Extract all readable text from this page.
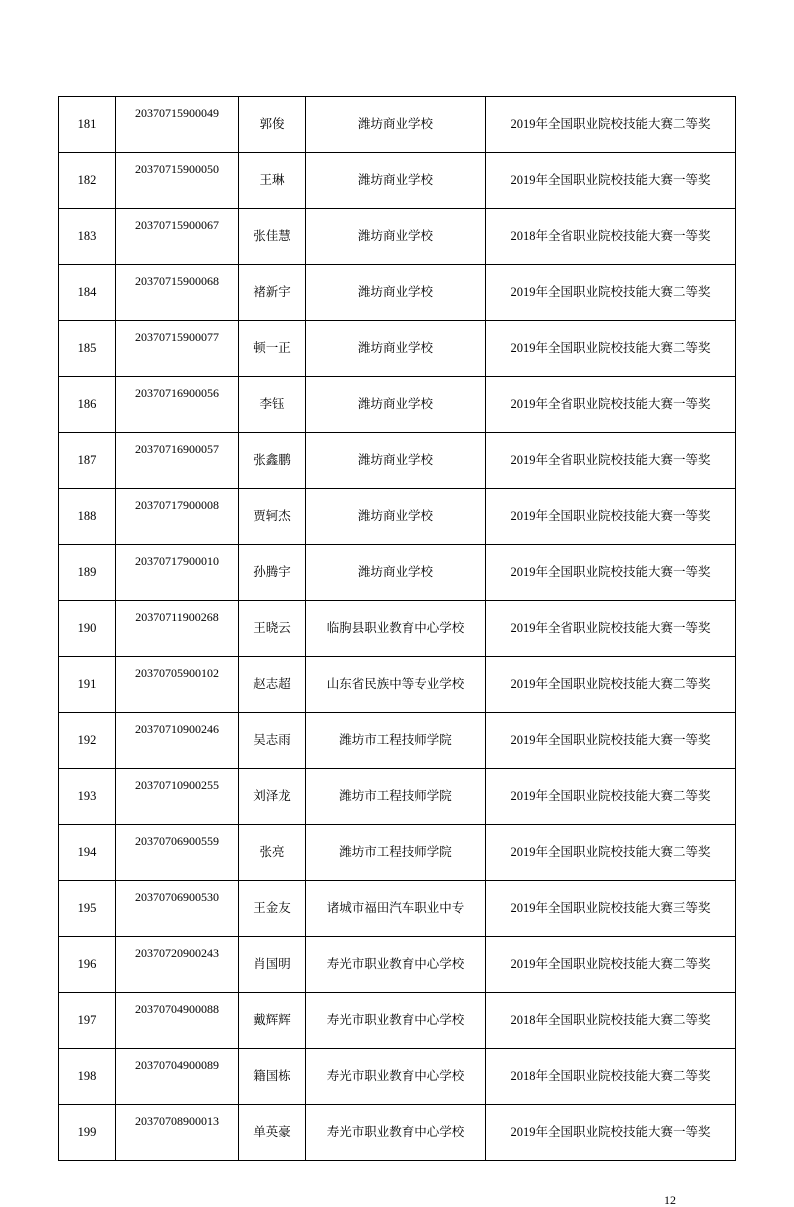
181	20370715900049	郭俊	潍坊商业学校	2019年全国职业院校技能大赛二等奖
182	20370715900050	王琳	潍坊商业学校	2019年全国职业院校技能大赛一等奖
183	20370715900067	张佳慧	潍坊商业学校	2018年全省职业院校技能大赛一等奖
184	20370715900068	褚新宇	潍坊商业学校	2019年全国职业院校技能大赛二等奖
185	20370715900077	顿一正	潍坊商业学校	2019年全国职业院校技能大赛二等奖
186	20370716900056	李钰	潍坊商业学校	2019年全省职业院校技能大赛一等奖
187	20370716900057	张鑫鹏	潍坊商业学校	2019年全省职业院校技能大赛一等奖
188	20370717900008	贾轲杰	潍坊商业学校	2019年全国职业院校技能大赛一等奖
189	20370717900010	孙腾宇	潍坊商业学校	2019年全国职业院校技能大赛一等奖
190	20370711900268	王晓云	临朐县职业教育中心学校	2019年全省职业院校技能大赛一等奖
191	20370705900102	赵志超	山东省民族中等专业学校	2019年全国职业院校技能大赛二等奖
192	20370710900246	吴志雨	潍坊市工程技师学院	2019年全国职业院校技能大赛一等奖
193	20370710900255	刘泽龙	潍坊市工程技师学院	2019年全国职业院校技能大赛二等奖
194	20370706900559	张亮	潍坊市工程技师学院	2019年全国职业院校技能大赛二等奖
195	20370706900530	王金友	诸城市福田汽车职业中专	2019年全国职业院校技能大赛三等奖
196	20370720900243	肖国明	寿光市职业教育中心学校	2019年全国职业院校技能大赛二等奖
197	20370704900088	戴辉辉	寿光市职业教育中心学校	2018年全国职业院校技能大赛二等奖
198	20370704900089	籍国栋	寿光市职业教育中心学校	2018年全国职业院校技能大赛二等奖
199	20370708900013	单英豪	寿光市职业教育中心学校	2019年全国职业院校技能大赛一等奖
12
